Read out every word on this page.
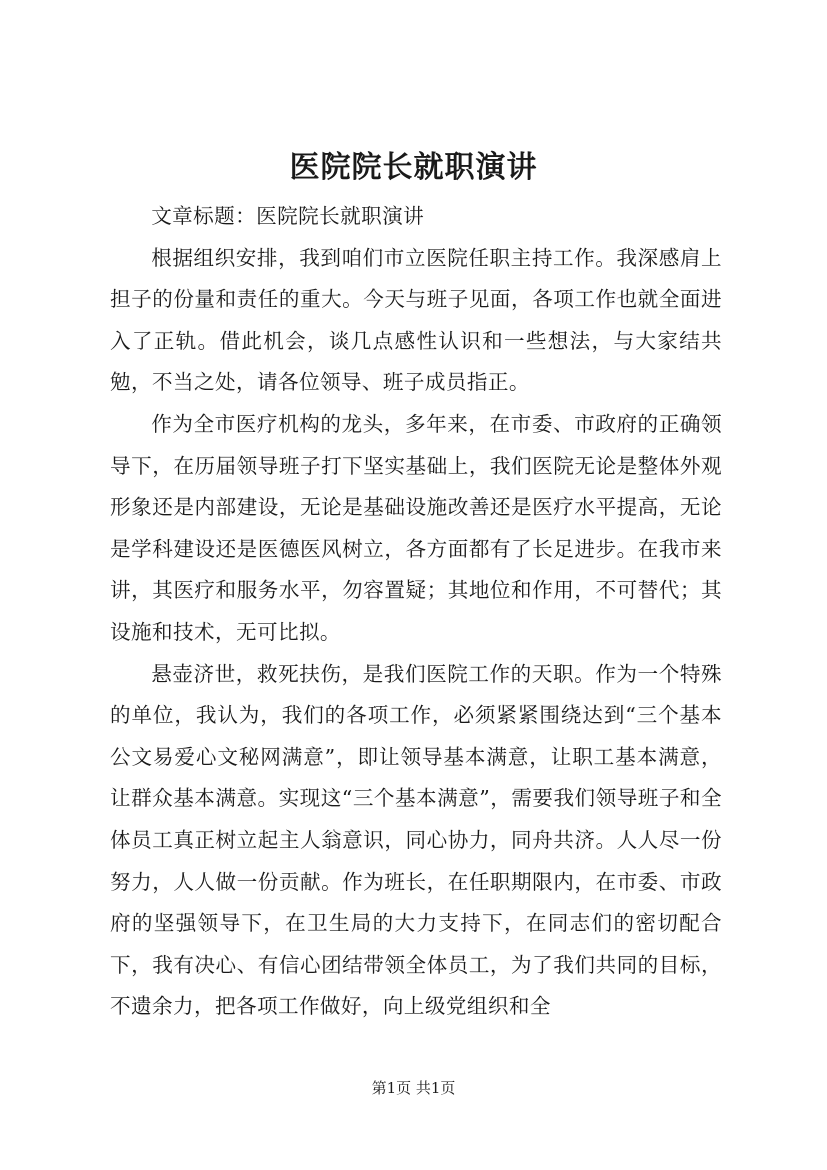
医院院长就职演讲

文章标题：医院院长就职演讲

根据组织安排，我到咱们市立医院任职主持工作。我深感肩上担子的份量和责任的重大。今天与班子见面，各项工作也就全面进入了正轨。借此机会，谈几点感性认识和一些想法，与大家结共勉，不当之处，请各位领导、班子成员指正。

作为全市医疗机构的龙头，多年来，在市委、市政府的正确领导下，在历届领导班子打下坚实基础上，我们医院无论是整体外观形象还是内部建设，无论是基础设施改善还是医疗水平提高，无论是学科建设还是医德医风树立，各方面都有了长足进步。在我市来讲，其医疗和服务水平，勿容置疑；其地位和作用，不可替代；其设施和技术，无可比拟。

悬壶济世，救死扶伤，是我们医院工作的天职。作为一个特殊的单位，我认为，我们的各项工作，必须紧紧围绕达到“三个基本公文易爱心文秘网满意”，即让领导基本满意，让职工基本满意，让群众基本满意。实现这“三个基本满意”，需要我们领导班子和全体员工真正树立起主人翁意识，同心协力，同舟共济。人人尽一份努力，人人做一份贡献。作为班长，在任职期限内，在市委、市政府的坚强领导下，在卫生局的大力支持下，在同志们的密切配合下，我有决心、有信心团结带领全体员工，为了我们共同的目标，不遗余力，把各项工作做好，向上级党组织和全

第1页 共1页
